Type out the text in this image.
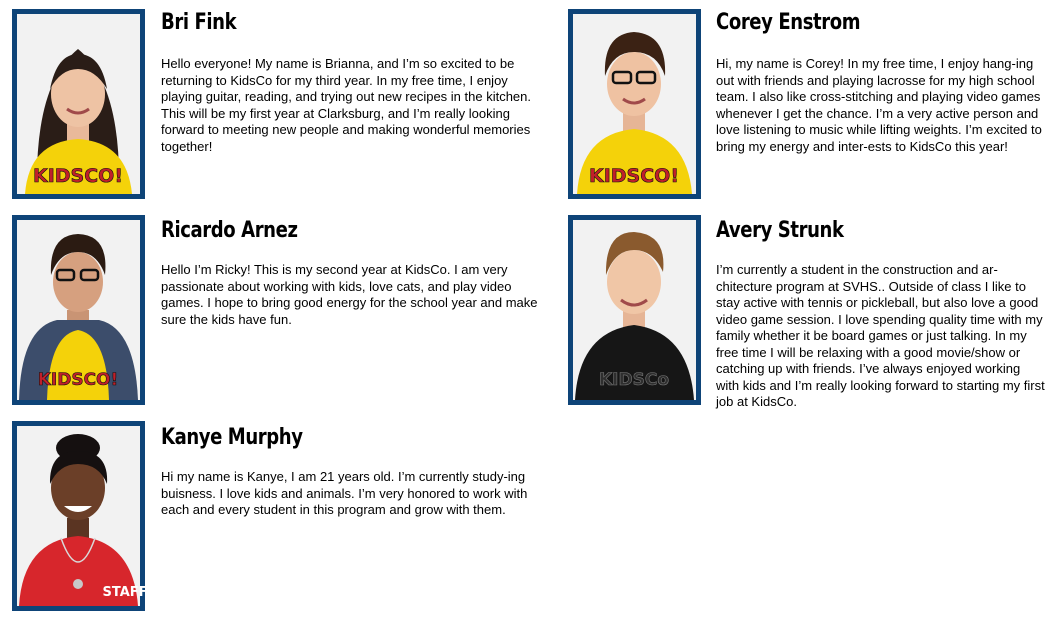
KIDSCO!
Bri Fink

Hello everyone! My name is Brianna, and I’m so excited to be returning to KidsCo for my third year. In my free time, I enjoy playing guitar, reading, and trying out new recipes in the kitchen. This will be my first year at Clarksburg, and I’m really looking forward to meeting new people and making wonderful memories together!

KIDSCO!
Corey Enstrom

Hi, my name is Corey! In my free time, I enjoy hang-ing out with friends and playing lacrosse for my high school team. I also like cross-stitching and playing video games whenever I get the chance. I’m a very active person and love listening to music while lifting weights. I’m excited to bring my energy and inter-ests to KidsCo this year!

KIDSCO!
Ricardo Arnez

Hello I’m Ricky! This is my second year at KidsCo. I am very passionate about working with kids, love cats, and play video games. I hope to bring good energy for the school year and make sure the kids have fun.

KIDSCo
Avery Strunk

I’m currently a student in the construction and ar-chitecture program at SVHS.. Outside of class I like to stay active with tennis or pickleball, but also love a good video game session. I love spending quality time with my family whether it be board games or just talking. In my free time I will be relaxing with a good movie/show or catching up with friends. I’ve always enjoyed working with kids and I’m really looking forward to starting my first job at KidsCo.

STAFF
Kanye Murphy

Hi my name is Kanye, I am 21 years old. I’m currently study-ing buisness. I love kids and animals. I’m very honored to work with each and every student in this program and grow with them.
